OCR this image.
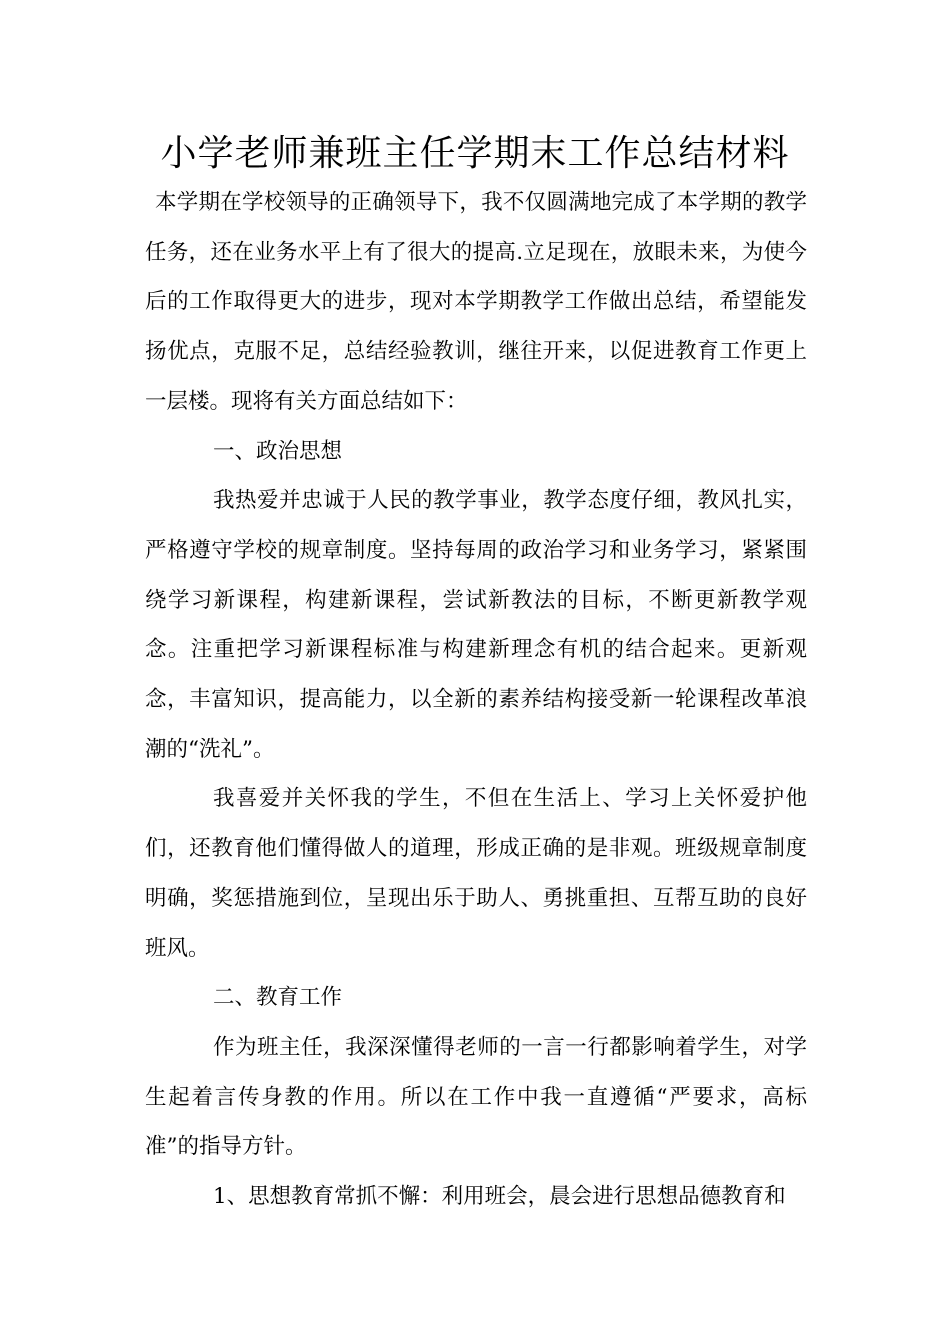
小学老师兼班主任学期末工作总结材料

本学期在学校领导的正确领导下，我不仅圆满地完成了本学期的教学任务，还在业务水平上有了很大的提高.立足现在，放眼未来，为使今后的工作取得更大的进步，现对本学期教学工作做出总结，希望能发扬优点，克服不足，总结经验教训，继往开来，以促进教育工作更上一层楼。现将有关方面总结如下：

一、政治思想

我热爱并忠诚于人民的教学事业，教学态度仔细，教风扎实，严格遵守学校的规章制度。坚持每周的政治学习和业务学习，紧紧围绕学习新课程，构建新课程，尝试新教法的目标，不断更新教学观念。注重把学习新课程标准与构建新理念有机的结合起来。更新观念，丰富知识，提高能力，以全新的素养结构接受新一轮课程改革浪潮的“洗礼”。

我喜爱并关怀我的学生，不但在生活上、学习上关怀爱护他们，还教育他们懂得做人的道理，形成正确的是非观。班级规章制度明确，奖惩措施到位，呈现出乐于助人、勇挑重担、互帮互助的良好班风。

二、教育工作

作为班主任，我深深懂得老师的一言一行都影响着学生，对学生起着言传身教的作用。所以在工作中我一直遵循“严要求，高标准”的指导方针。

1、思想教育常抓不懈：利用班会，晨会进行思想品德教育和
